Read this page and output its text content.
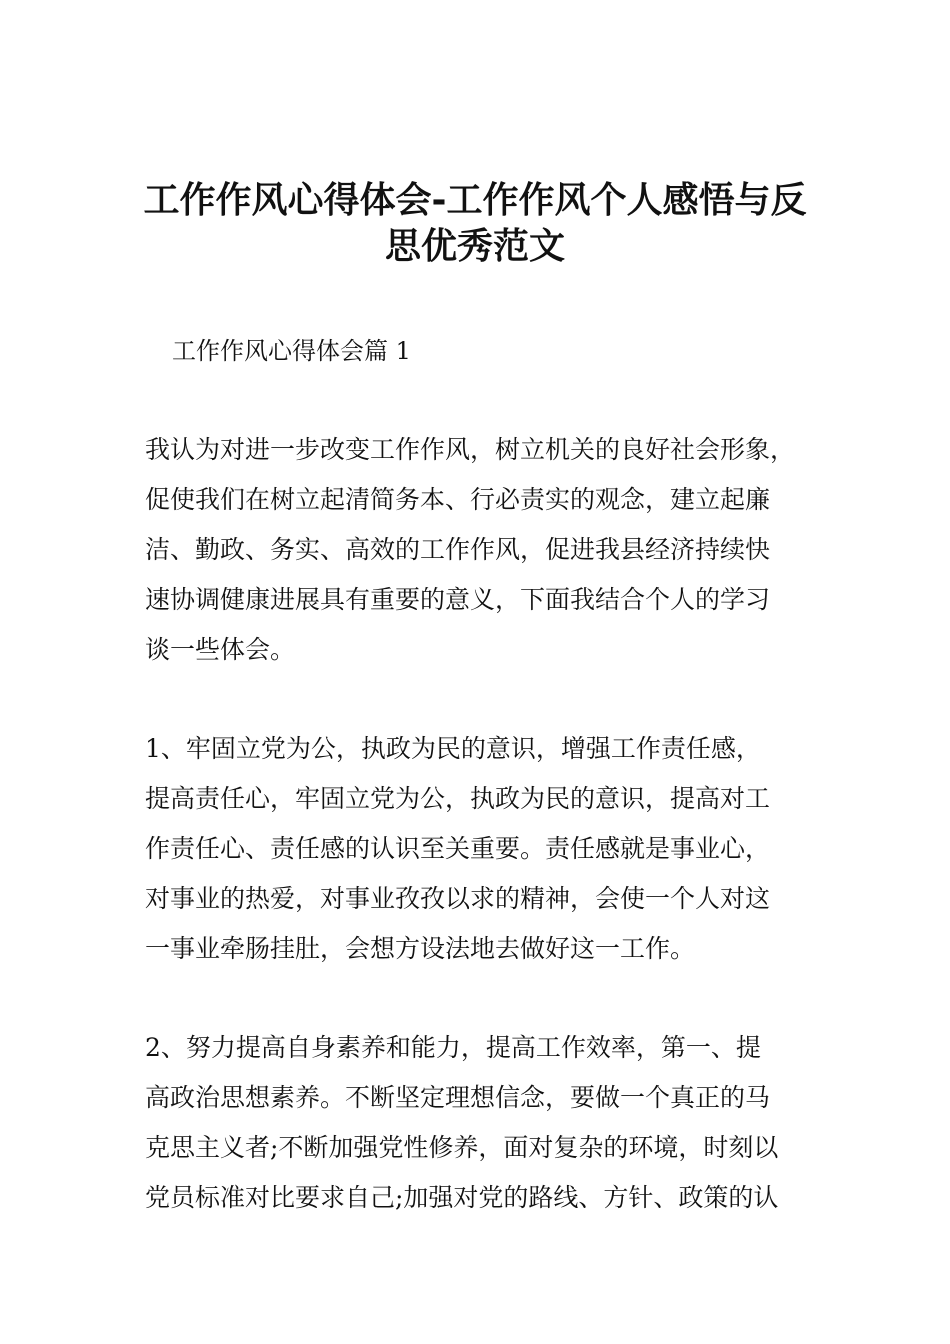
工作作风心得体会-工作作风个人感悟与反
思优秀范文
工作作风心得体会篇 1
我认为对进一步改变工作作风，树立机关的良好社会形象，
促使我们在树立起清简务本、行必责实的观念，建立起廉
洁、勤政、务实、高效的工作作风，促进我县经济持续快
速协调健康进展具有重要的意义，下面我结合个人的学习
谈一些体会。
1、牢固立党为公，执政为民的意识，增强工作责任感，
提高责任心，牢固立党为公，执政为民的意识，提高对工
作责任心、责任感的认识至关重要。责任感就是事业心，
对事业的热爱，对事业孜孜以求的精神，会使一个人对这
一事业牵肠挂肚，会想方设法地去做好这一工作。
2、努力提高自身素养和能力，提高工作效率，第一、提
高政治思想素养。不断坚定理想信念，要做一个真正的马
克思主义者;不断加强党性修养，面对复杂的环境，时刻以
党员标准对比要求自己;加强对党的路线、方针、政策的认
